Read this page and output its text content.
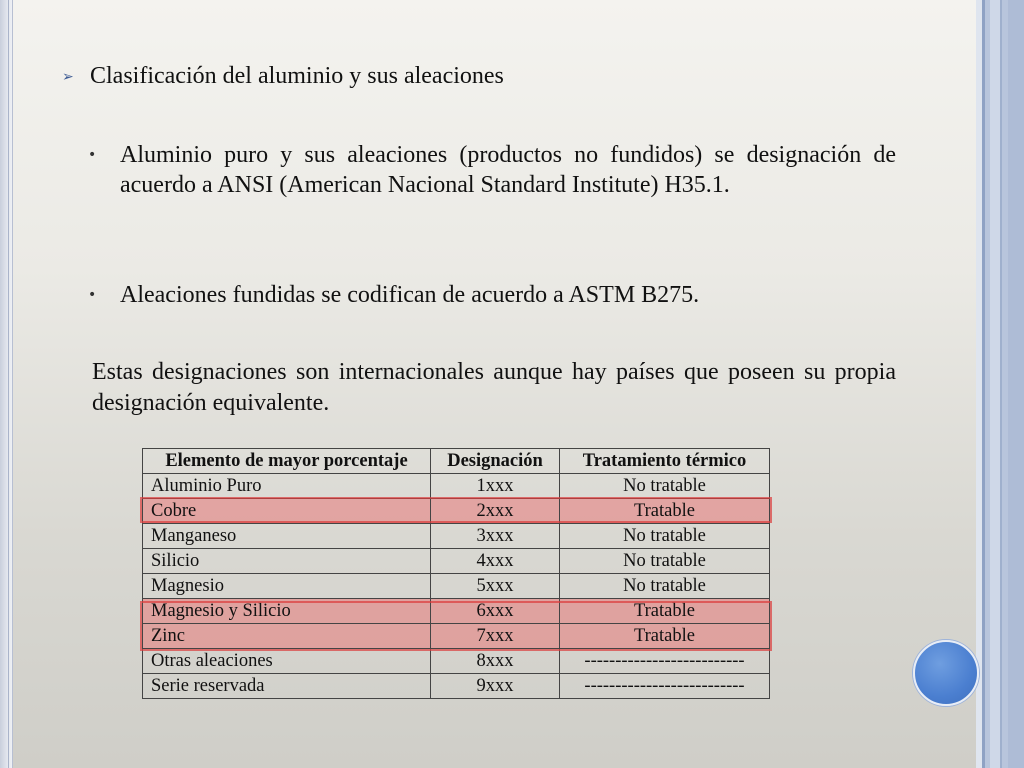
➢ Clasificación del aluminio y sus aleaciones
• Aluminio puro y sus aleaciones (productos no fundidos) se designación de acuerdo a ANSI (American Nacional Standard Institute) H35.1.
• Aleaciones fundidas se codifican de acuerdo a ASTM B275.
Estas designaciones son internacionales aunque hay países que poseen su propia designación equivalente.
Elemento de mayor porcentaje	Designación	Tratamiento térmico
Aluminio Puro	1xxx	No tratable
Cobre	2xxx	Tratable
Manganeso	3xxx	No tratable
Silicio	4xxx	No tratable
Magnesio	5xxx	No tratable
Magnesio y Silicio	6xxx	Tratable
Zinc	7xxx	Tratable
Otras aleaciones	8xxx	--------------------------
Serie reservada	9xxx	--------------------------
